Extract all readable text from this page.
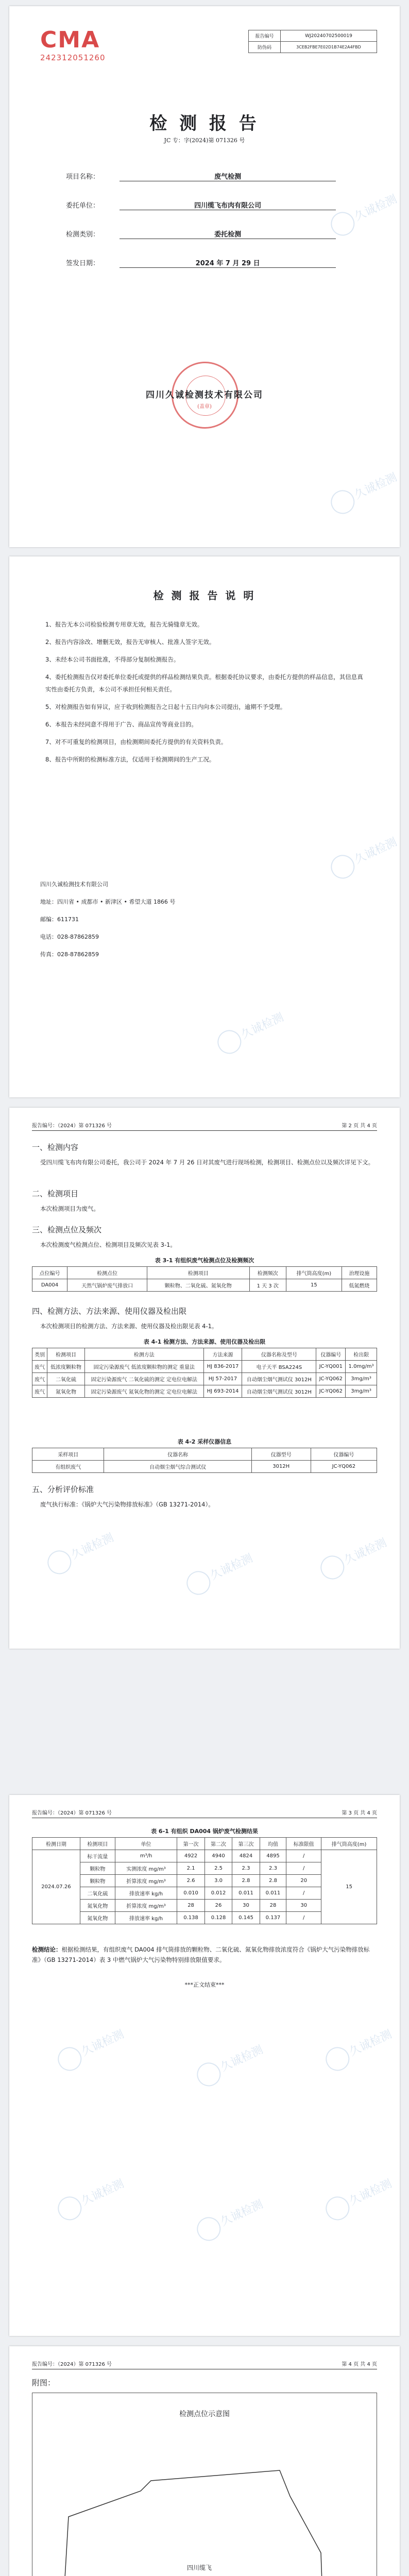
CMA
242312051260
报告编号	WJ20240702500019
防伪码	3CEB2FBE7E02D1B74E2A4FBD
检 测 报 告
JC 专：字(2024)第 071326 号
项目名称：	废气检测
委托单位：	四川缆飞布肉有限公司
检测类别：	委托检测
签发日期：	2024 年 7 月 29 日
四川久诚检测技术有限公司
(盖章)
久诚检测
久诚检测
检 测 报 告 说 明
1、报告无本公司检验检测专用章无效，报告无骑缝章无效。
2、报告内容涂改、增删无效，报告无审核人、批准人签字无效。
3、未经本公司书面批准，不得部分复制检测报告。
4、委托检测报告仅对委托单位委托或提供的样品检测结果负责。根据委托协议要求，由委托方提供的样品信息，其信息真实性由委托方负责，本公司不承担任何相关责任。
5、对检测报告如有异议，应于收到检测报告之日起十五日内向本公司提出，逾期不予受理。
6、本报告未经同意不得用于广告、商品宣传等商业目的。
7、对不可重复的检测项目，由检测期间委托方提供的有关资料负责。
8、报告中所附的检测标准方法，仅适用于检测期间的生产工况。
四川久诚检测技术有限公司
地址：四川省 • 成都市 • 新津区 • 希望大道 1866 号
邮编：611731
电话：028-87862859
传真：028-87862859
久诚检测
久诚检测
报告编号：（2024）第 071326 号	第 2 页 共 4 页
一、检测内容
受四川缆飞布肉有限公司委托，我公司于 2024 年 7 月 26 日对其废气进行现场检测，检测项目、检测点位以及频次详见下文。
二、检测项目
本次检测项目为废气。
三、检测点位及频次
本次检测废气检测点位、检测项目及频次见表 3-1。
表 3-1 有组织废气检测点位及检测频次
点位编号	检测点位	检测项目	检测频次	排气筒高度(m)	治理设施
DA004	天然气锅炉废气排放口	颗粒物、二氧化硫、氮氧化物	1 天 3 次	15	低氮燃烧
四、检测方法、方法来源、使用仪器及检出限
本次检测项目的检测方法、方法来源、使用仪器及检出限见表 4-1。
表 4-1 检测方法、方法来源、使用仪器及检出限
类别	检测项目	检测方法	方法来源	仪器名称及型号	仪器编号	检出限
废气	低浓度颗粒物	固定污染源废气 低浓度颗粒物的测定 重量法	HJ 836-2017	电子天平 BSA224S	JC-YQ001	1.0mg/m³
废气	二氧化硫	固定污染源废气 二氧化硫的测定 定电位电解法	HJ 57-2017	自动烟尘烟气测试仪 3012H	JC-YQ062	3mg/m³
废气	氮氧化物	固定污染源废气 氮氧化物的测定 定电位电解法	HJ 693-2014	自动烟尘烟气测试仪 3012H	JC-YQ062	3mg/m³
表 4-2 采样仪器信息
采样项目	仪器名称	仪器型号	仪器编号
有组织废气	自动烟尘烟气综合测试仪	3012H	JC-YQ062
五、分析评价标准
废气执行标准：《锅炉大气污染物排放标准》（GB 13271-2014）。
久诚检测
久诚检测
久诚检测
报告编号：（2024）第 071326 号	第 3 页 共 4 页
表 6-1 有组织 DA004 锅炉废气检测结果
检测日期	检测项目	单位	第一次	第二次	第三次	均值	标准限值	排气筒高度(m)
2024.07.26	标干流量	m³/h	4922	4940	4824	4895	/	15
	颗粒物	实测浓度 mg/m³	2.1	2.5	2.3	2.3	/	
	颗粒物	折算浓度 mg/m³	2.6	3.0	2.8	2.8	20	
	二氧化硫	排放速率 kg/h	0.010	0.012	0.011	0.011	/	
	氮氧化物	折算浓度 mg/m³	28	26	30	28	30	
	氮氧化物	排放速率 kg/h	0.138	0.128	0.145	0.137	/	
检测结论：根据检测结果，有组织废气 DA004 排气筒排放的颗粒物、二氧化硫、氮氧化物排放浓度符合《锅炉大气污染物排放标准》（GB 13271-2014）表 3 中燃气锅炉大气污染物特别排放限值要求。
***正文结束***
久诚检测
久诚检测
久诚检测
久诚检测
久诚检测
久诚检测
报告编号：（2024）第 071326 号	第 4 页 共 4 页
附图：
检测点位示意图
四川缆飞
